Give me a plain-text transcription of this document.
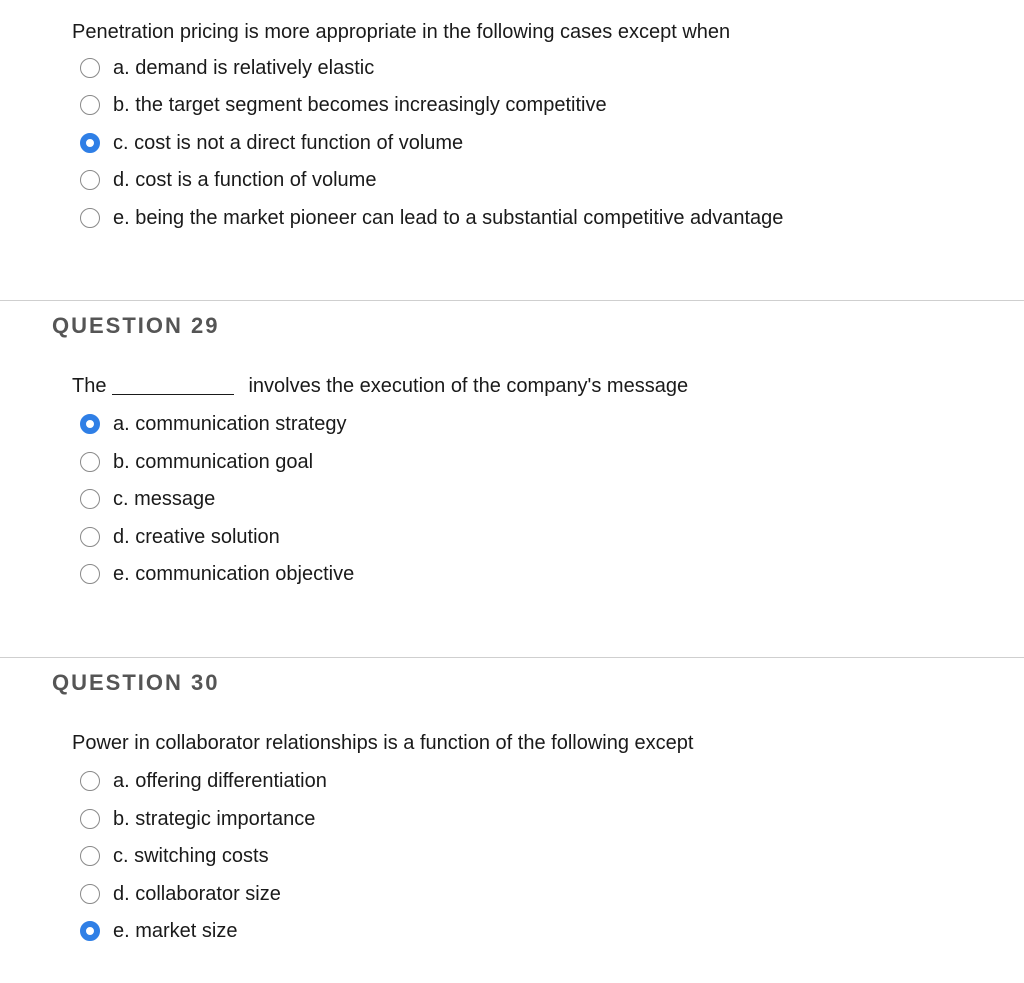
Penetration pricing is more appropriate in the following cases except when
a. demand is relatively elastic
b. the target segment becomes increasingly competitive
c. cost is not a direct function of volume
d. cost is a function of volume
e. being the market pioneer can lead to a substantial competitive advantage
QUESTION 29
The	involves the execution of the company's message
a. communication strategy
b. communication goal
c. message
d. creative solution
e. communication objective
QUESTION 30
Power in collaborator relationships is a function of the following except
a. offering differentiation
b. strategic importance
c. switching costs
d. collaborator size
e. market size
